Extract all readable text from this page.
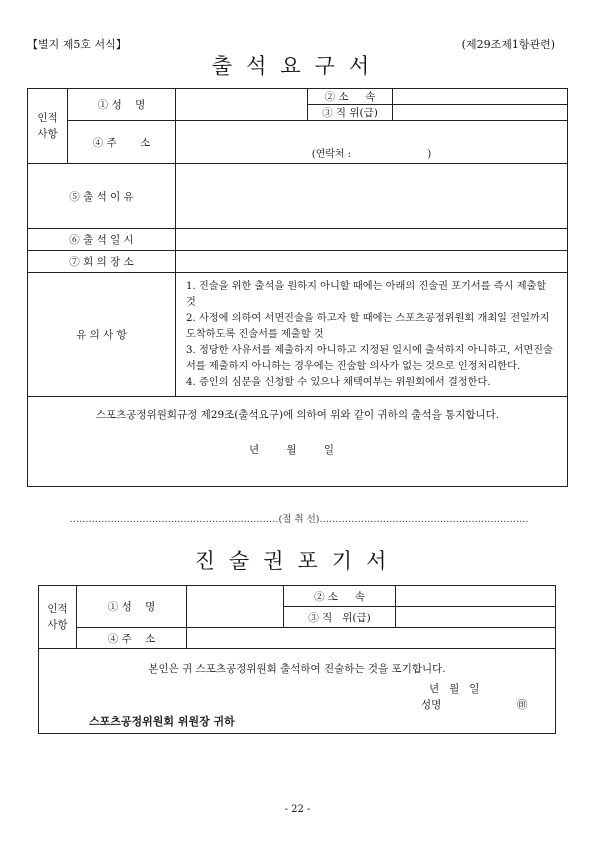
【별지 제5호 서식】	(제29조제1항관련)
출석요구서
인적
사항	① 성    명		② 소     속	
			③ 직 위(급)	
	④ 주       소	(연락처 :                        )		

⑤ 출 석 이 유				
⑥ 출 석 일 시				
⑦ 회 의 장 소				
유 의 사 항		1. 진술을 위한 출석을 원하지 아니할 때에는 아래의 진술권 포기서를 즉시 제출할 것
2. 사정에 의하여 서면진술을 하고자 할 때에는 스포츠공정위원회 개최일 전일까지 도착하도록 진술서를 제출할 것
3. 정당한 사유서를 제출하지 아니하고 지정된 일시에 출석하지 아니하고, 서면진술서를 제출하지 아니하는 경우에는 진술할 의사가 없는 것으로 인정처리한다.
4. 증인의 심문을 신청할 수 있으나 채택여부는 위원회에서 결정한다.		

스포츠공정위원회규정 제29조(출석요구)에 의하여 위와 같이 귀하의 출석을 통지합니다.
년 월 일				
…………………………………………………………(절 취 선)…………………………………………………………
진술권포기서
인적
사항	① 성    명		② 소     속	
			③ 직   위(급)	
	④ 주    소			

본인은 귀 스포츠공정위원회 출석하여 진술하는 것을 포기합니다.
년   월   일
성명 ㊞
스포츠공정위원회 위원장 귀하				
- 22 -
